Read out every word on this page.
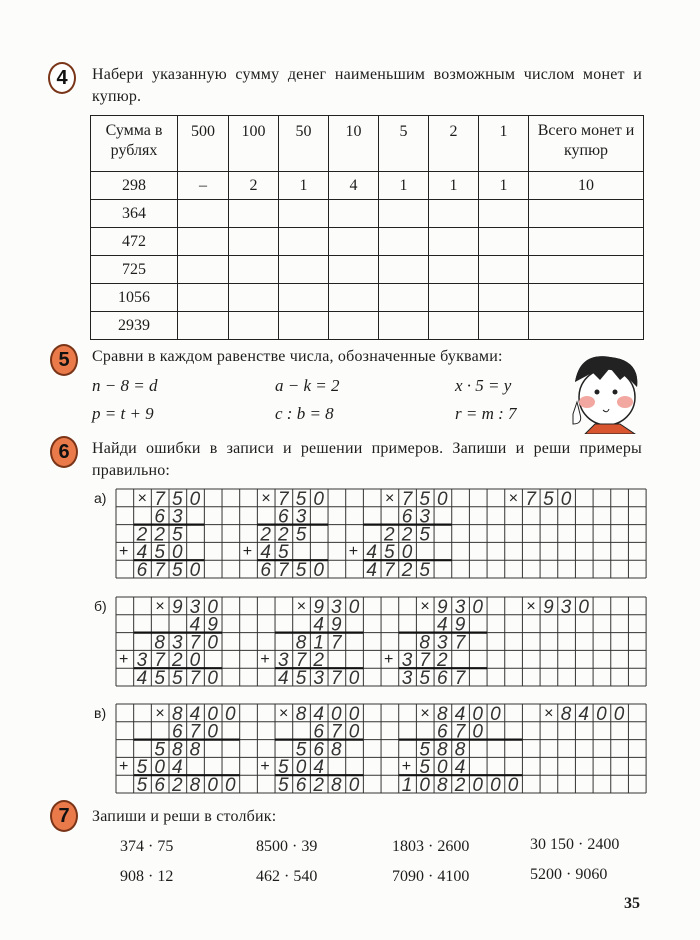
4 Набери указанную сумму денег наименьшим возможным числом монет и купюр.
Сумма в рублях	500	100	50	10	5	2	1	Всего монет и купюр
298	–	2	1	4	1	1	1	10
364								
472								
725								
1056								
2939								
5 Сравни в каждом равенстве числа, обозначенные буквами:
n − 8 = d	a − k = 2	x · 5 = y
p = t + 9	c : b = 8	r = m : 7
6 Найди ошибки в записи и решении примеров. Запиши и реши примеры правильно:
а)
б)
в)
×
+
7 5 0
6 3
2 2 5
4 5 0
6 7 5 0
×
+
7 5 0
6 3
2 2 5
4 5
6 7 5 0
×
+
7 5 0
6 3
2 2 5
4 5 0
4 7 2 5
× 7 5 0
×
+
9 3 0
4 9
8 3 7 0
3 7 2 0
4 5 5 7 0
×
+
9 3 0
4 9
8 1 7
3 7 2
4 5 3 7 0
×
+
9 3 0
4 9
8 3 7
3 7 2
3 5 6 7
× 9 3 0
×
+
8 4 0 0
6 7 0
5 8 8
5 0 4
5 6 2 8 0 0
×
+
8 4 0 0
6 7 0
5 6 8
5 0 4
5 6 2 8 0
×
+
8 4 0 0
6 7 0
5 8 8
5 0 4
1 0 8 2 0 0 0
× 8 4 0 0
7 Запиши и реши в столбик:
374 · 75	8500 · 39	1803 · 2600	30 150 · 2400
908 · 12	462 · 540	7090 · 4100	5200 · 9060
35
